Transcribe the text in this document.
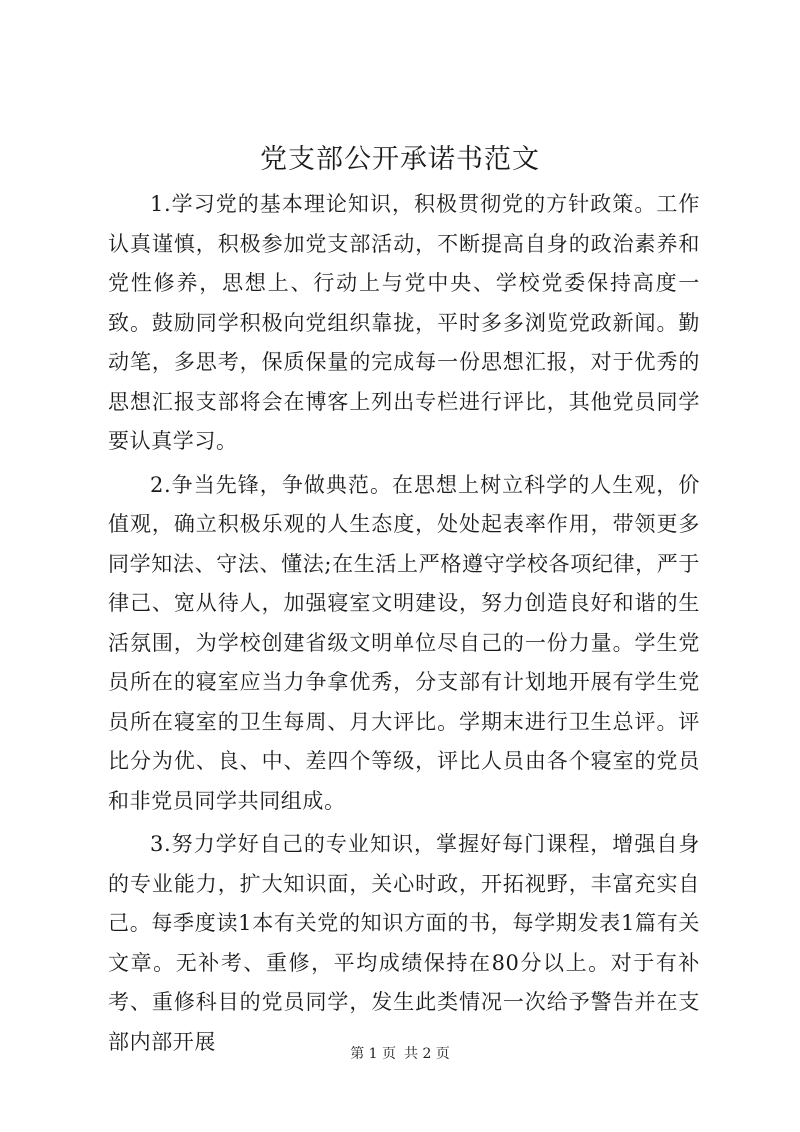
党支部公开承诺书范文

1.学习党的基本理论知识，积极贯彻党的方针政策。工作认真谨慎，积极参加党支部活动，不断提高自身的政治素养和党性修养，思想上、行动上与党中央、学校党委保持高度一致。鼓励同学积极向党组织靠拢，平时多多浏览党政新闻。勤动笔，多思考，保质保量的完成每一份思想汇报，对于优秀的思想汇报支部将会在博客上列出专栏进行评比，其他党员同学要认真学习。

2.争当先锋，争做典范。在思想上树立科学的人生观，价值观，确立积极乐观的人生态度，处处起表率作用，带领更多同学知法、守法、懂法;在生活上严格遵守学校各项纪律，严于律己、宽从待人，加强寝室文明建设，努力创造良好和谐的生活氛围，为学校创建省级文明单位尽自己的一份力量。学生党员所在的寝室应当力争拿优秀，分支部有计划地开展有学生党员所在寝室的卫生每周、月大评比。学期末进行卫生总评。评比分为优、良、中、差四个等级，评比人员由各个寝室的党员和非党员同学共同组成。

3.努力学好自己的专业知识，掌握好每门课程，增强自身的专业能力，扩大知识面，关心时政，开拓视野，丰富充实自己。每季度读1本有关党的知识方面的书，每学期发表1篇有关文章。无补考、重修，平均成绩保持在80分以上。对于有补考、重修科目的党员同学，发生此类情况一次给予警告并在支部内部开展

第 1 页 共 2 页
